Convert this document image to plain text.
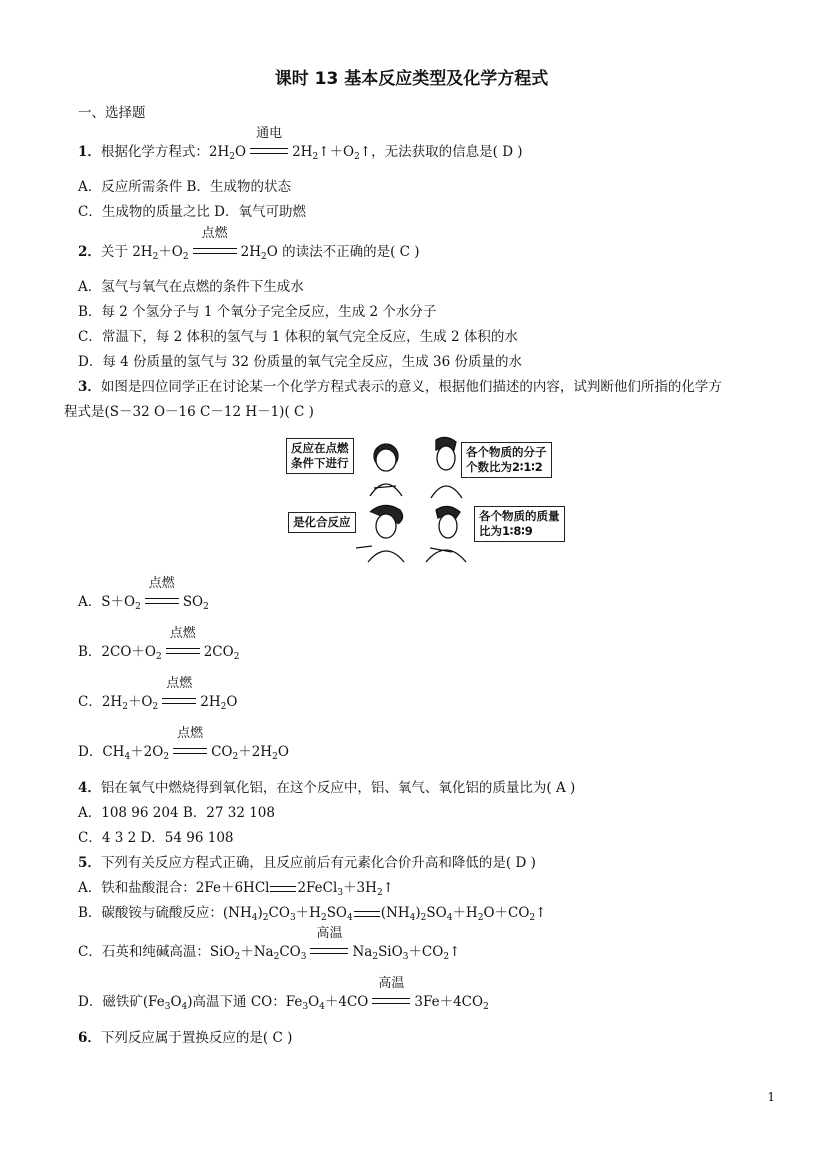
课时 13 基本反应类型及化学方程式
一、选择题
1．根据化学方程式：$2H_2O$
通电
$2H_2↑+O_2↑$，无法获取的信息是( D )
A．反应所需条件 B．生成物的状态
C．生成物的质量之比 D．氧气可助燃
2．关于 $2H_2+O_2$
点燃
$2H_2O$ 的读法不正确的是( C )
A．氢气与氧气在点燃的条件下生成水
B．每 2 个氢分子与 1 个氧分子完全反应，生成 2 个水分子
C．常温下，每 2 体积的氢气与 1 体积的氧气完全反应，生成 2 体积的水
D．每 4 份质量的氢气与 32 份质量的氧气完全反应，生成 36 份质量的水
3．如图是四位同学正在讨论某一个化学方程式表示的意义，根据他们描述的内容，试判断他们所指的化学方
程式是(S－32 O－16 C－12 H－1)( C )
反应在点燃
条件下进行
各个物质的分子
个数比为2∶1∶2
是化合反应	各个物质的质量
比为1∶8∶9
A．$S+O_2$
点燃
$SO_2$
B．$2CO+O_2$
点燃
$2CO_2$
C．$2H_2+O_2$
点燃
$2H_2O$
D．$CH_4+2O_2$
点燃
$CO_2+2H_2O$
4．铝在氧气中燃烧得到氧化铝，在这个反应中，铝、氧气、氧化铝的质量比为( A )
A．108 96 204 B．27 32 108
C．4 3 2 D．54 96 108
5．下列有关反应方程式正确，且反应前后有元素化合价升高和降低的是( D )
A．铁和盐酸混合：2Fe＋6HCl $2FeCl_3+3H_2↑$
B．碳酸铵与硫酸反应：$(NH_4)_2CO_3+H_2SO_4$ $(NH_4)_2SO_4+H_2O+CO_2↑$
C．石英和纯碱高温：$SiO_2+Na_2CO_3$
高温
$Na_2SiO_3+CO_2↑$
D．磁铁矿$(Fe_3O_4)$高温下通 CO：$Fe_3O_4+4CO$
高温
$3Fe+4CO_2$
6．下列反应属于置换反应的是( C )
1
